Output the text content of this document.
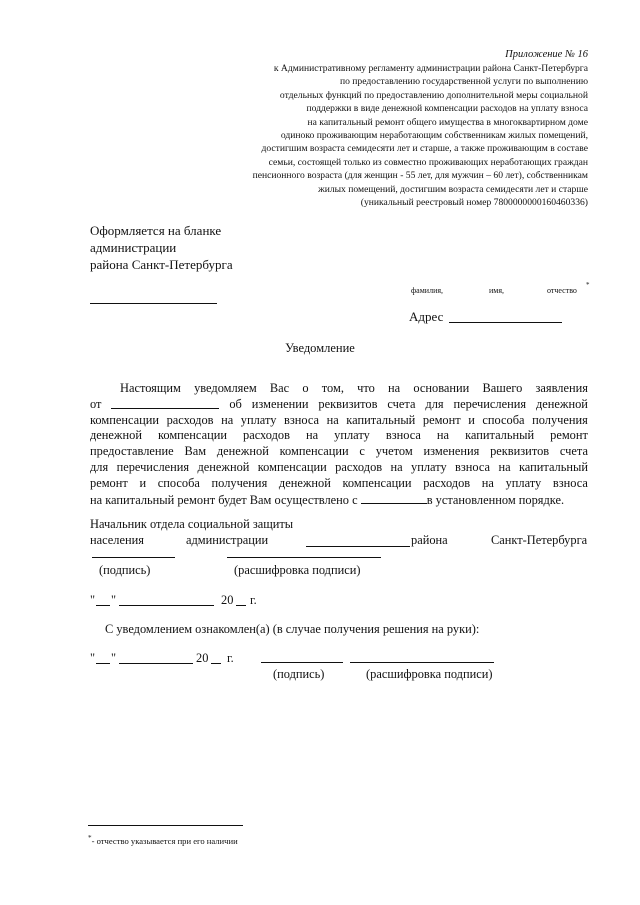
Приложение № 16
к Административному регламенту администрации района Санкт-Петербурга
по предоставлению государственной услуги по выполнению
отдельных функций по предоставлению дополнительной меры социальной
поддержки в виде денежной компенсации расходов на уплату взноса
на капитальный ремонт общего имущества в многоквартирном доме
одиноко проживающим неработающим собственникам жилых помещений,
достигшим возраста семидесяти лет и старше, а также проживающим в составе
семьи, состоящей только из совместно проживающих неработающих граждан
пенсионного возраста (для женщин - 55 лет, для мужчин – 60 лет), собственникам
жилых помещений, достигшим возраста семидесяти лет и старше
(уникальный реестровый номер 7800000000160460336)
Оформляется на бланке
администрации
района Санкт-Петербурга
фамилия,	имя,	отчество
*
Адрес
Уведомление
Настоящим уведомляем Вас о том, что на основании Вашего заявления
от	об изменении реквизитов счета для перечисления денежной
компенсации расходов на уплату взноса на капитальный ремонт и способа получения
денежной компенсации расходов на уплату взноса на капитальный ремонт
предоставление Вам денежной компенсации с учетом изменения реквизитов счета
для перечисления денежной компенсации расходов на уплату взноса на капитальный
ремонт и способа получения денежной компенсации расходов на уплату взноса
на капитальный ремонт будет Вам осуществлено с	в установленном порядке.
Начальник отдела социальной защиты
населения	администрации	района	Санкт-Петербурга
(подпись)	(расшифровка подписи)
" "	20 г.
С уведомлением ознакомлен(а) (в случае получения решения на руки):
" "	20 г.
(подпись)	(расшифровка подписи)
*- отчество указывается при его наличии
